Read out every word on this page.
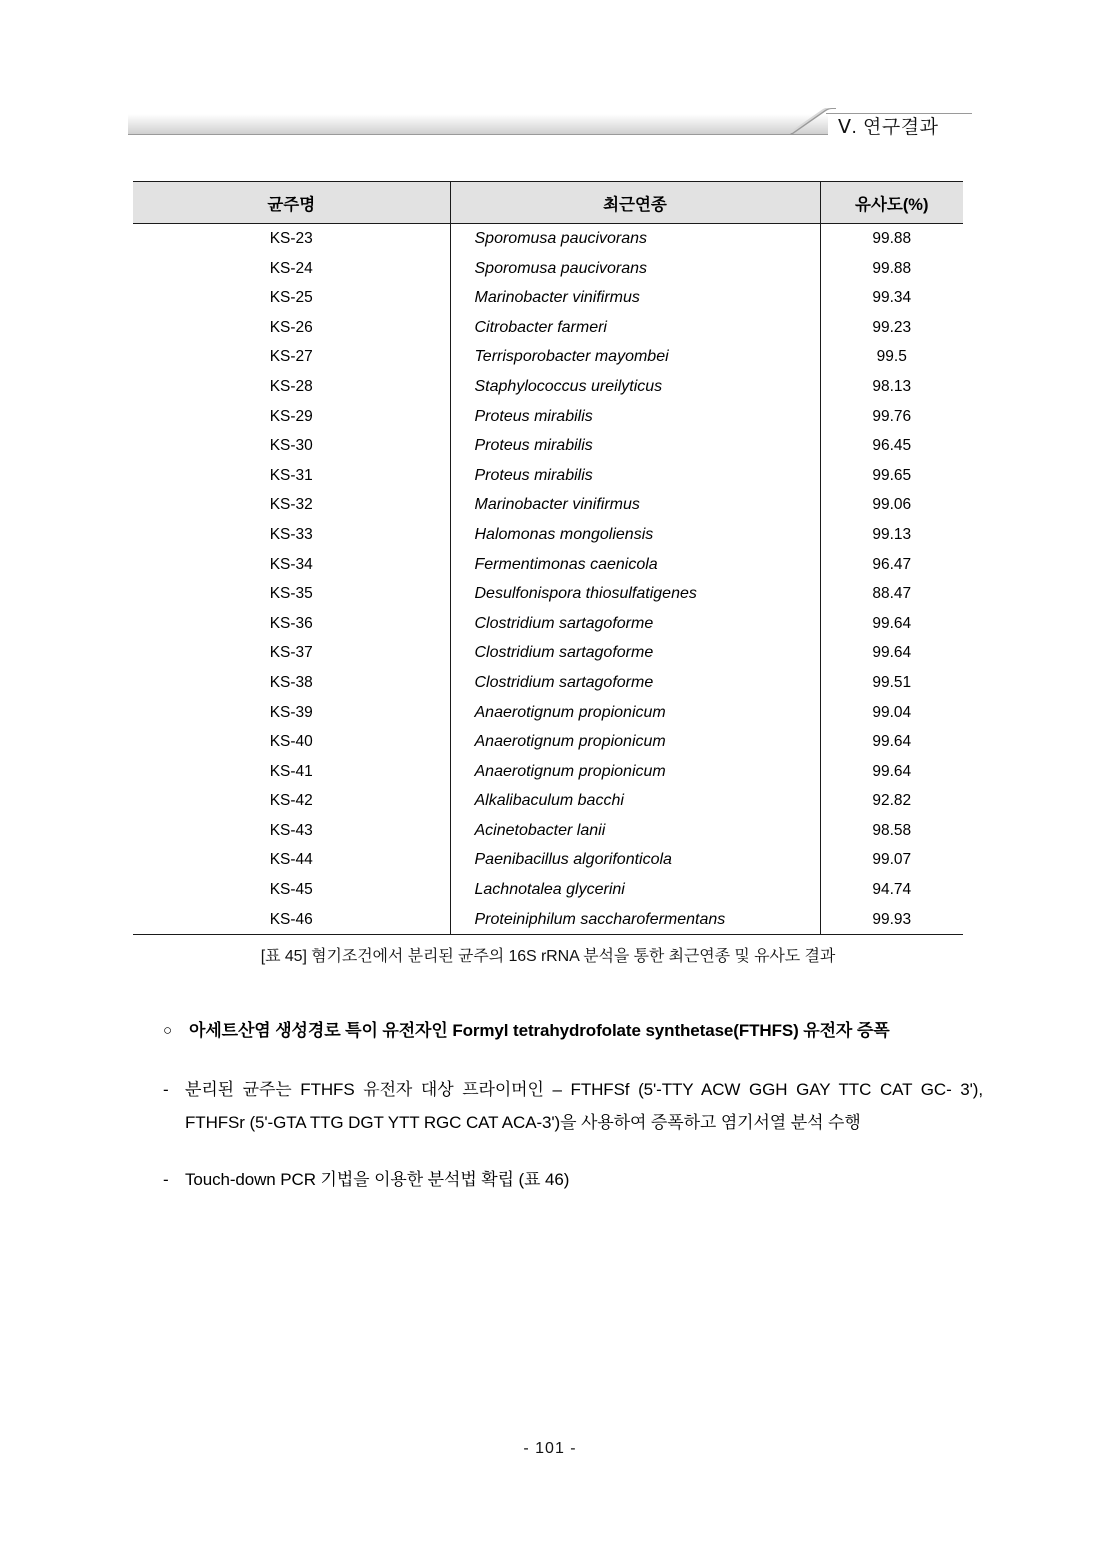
Ⅴ. 연구결과
균주명	최근연종	유사도(%)
KS-23	Sporomusa paucivorans	99.88
KS-24	Sporomusa paucivorans	99.88
KS-25	Marinobacter vinifirmus	99.34
KS-26	Citrobacter farmeri	99.23
KS-27	Terrisporobacter mayombei	99.5
KS-28	Staphylococcus ureilyticus	98.13
KS-29	Proteus mirabilis	99.76
KS-30	Proteus mirabilis	96.45
KS-31	Proteus mirabilis	99.65
KS-32	Marinobacter vinifirmus	99.06
KS-33	Halomonas mongoliensis	99.13
KS-34	Fermentimonas caenicola	96.47
KS-35	Desulfonispora thiosulfatigenes	88.47
KS-36	Clostridium sartagoforme	99.64
KS-37	Clostridium sartagoforme	99.64
KS-38	Clostridium sartagoforme	99.51
KS-39	Anaerotignum propionicum	99.04
KS-40	Anaerotignum propionicum	99.64
KS-41	Anaerotignum propionicum	99.64
KS-42	Alkalibaculum bacchi	92.82
KS-43	Acinetobacter lanii	98.58
KS-44	Paenibacillus algorifonticola	99.07
KS-45	Lachnotalea glycerini	94.74
KS-46	Proteiniphilum saccharofermentans	99.93
[표 45] 혐기조건에서 분리된 균주의 16S rRNA 분석을 통한 최근연종 및 유사도 결과
○ 아세트산염 생성경로 특이 유전자인 Formyl tetrahydrofolate synthetase(FTHFS) 유전자 증폭
- 분리된 균주는 FTHFS 유전자 대상 프라이머인 – FTHFSf (5'-TTY ACW GGH GAY TTC CAT GC- 3'), FTHFSr (5'-GTA TTG DGT YTT RGC CAT ACA-3')을 사용하여 증폭하고 염기서열 분석 수행
- Touch-down PCR 기법을 이용한 분석법 확립 (표 46)
- 101 -
